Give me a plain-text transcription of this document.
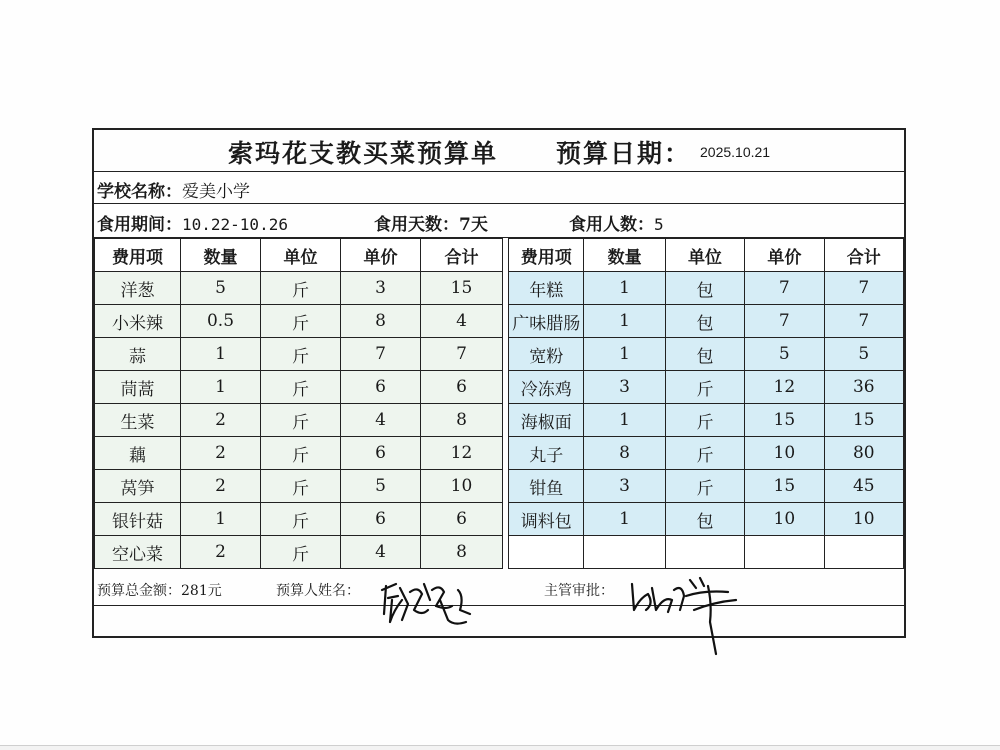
索玛花支教买菜预算单 预算日期： 2025.10.21
学校名称：爱美小学
食用期间：10.22-10.26	食用天数：7天	食用人数：5
费用项	数量	单位	单价	合计
洋葱	5	斤	3	15
小米辣	0.5	斤	8	4
蒜	1	斤	7	7
茼蒿	1	斤	6	6
生菜	2	斤	4	8
藕	2	斤	6	12
莴笋	2	斤	5	10
银针菇	1	斤	6	6
空心菜	2	斤	4	8
费用项	数量	单位	单价	合计
年糕	1	包	7	7
广味腊肠	1	包	7	7
宽粉	1	包	5	5
冷冻鸡	3	斤	12	36
海椒面	1	斤	15	15
丸子	8	斤	10	80
钳鱼	3	斤	15	45
调料包	1	包	10	10

预算总金额：281元	预算人姓名：	主管审批：
